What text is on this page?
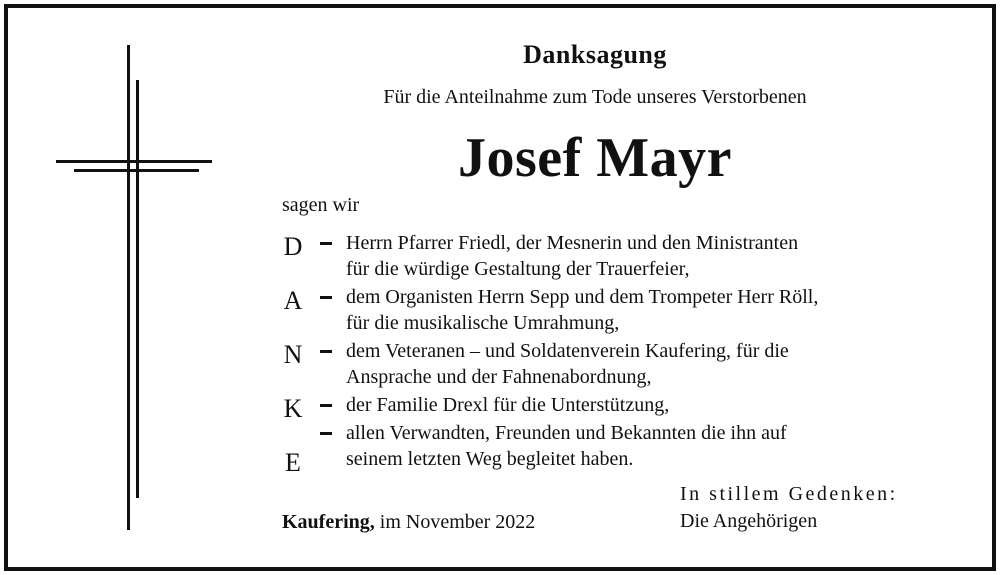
Danksagung
Für die Anteilnahme zum Tode unseres Verstorbenen
Josef Mayr
sagen wir
D
A
N
K
E
Herrn Pfarrer Friedl, der Mesnerin und den Ministranten
für die würdige Gestaltung der Trauerfeier,
dem Organisten Herrn Sepp und dem Trompeter Herr Röll,
für die musikalische Umrahmung,
dem Veteranen – und Soldatenverein Kaufering, für die
Ansprache und der Fahnenabordnung,
der Familie Drexl für die Unterstützung,
allen Verwandten, Freunden und Bekannten die ihn auf
seinem letzten Weg begleitet haben.
Kaufering, im November 2022
In stillem Gedenken:
Die Angehörigen
